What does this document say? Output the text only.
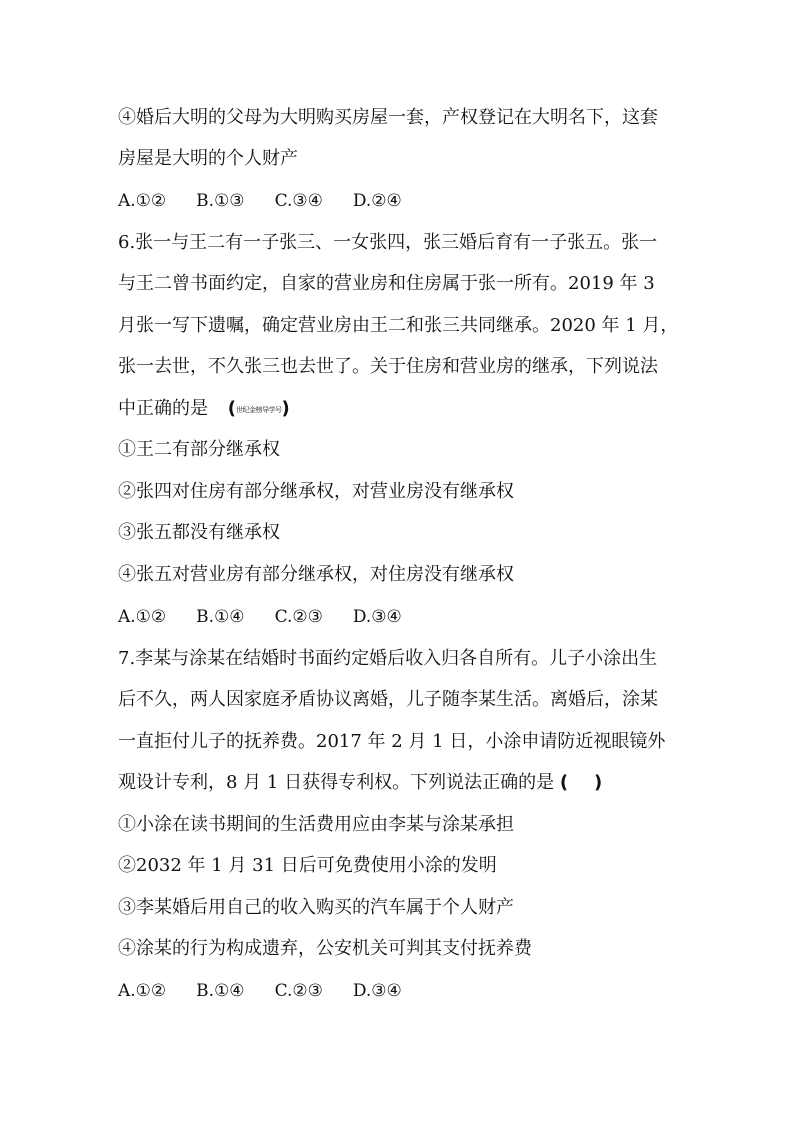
④婚后大明的父母为大明购买房屋一套，产权登记在大明名下，这套
房屋是大明的个人财产
A.①② B.①③ C.③④ D.②④
6.张一与王二有一子张三、一女张四，张三婚后育有一子张五。张一
与王二曾书面约定，自家的营业房和住房属于张一所有。2019 年 3
月张一写下遗嘱，确定营业房由王二和张三共同继承。2020 年 1 月，
张一去世，不久张三也去世了。关于住房和营业房的继承，下列说法
中正确的是 (世纪金榜导学号)
①王二有部分继承权
②张四对住房有部分继承权，对营业房没有继承权
③张五都没有继承权
④张五对营业房有部分继承权，对住房没有继承权
A.①② B.①④ C.②③ D.③④
7.李某与涂某在结婚时书面约定婚后收入归各自所有。儿子小涂出生
后不久，两人因家庭矛盾协议离婚，儿子随李某生活。离婚后，涂某
一直拒付儿子的抚养费。2017 年 2 月 1 日，小涂申请防近视眼镜外
观设计专利，8 月 1 日获得专利权。下列说法正确的是 ( )
①小涂在读书期间的生活费用应由李某与涂某承担
②2032 年 1 月 31 日后可免费使用小涂的发明
③李某婚后用自己的收入购买的汽车属于个人财产
④涂某的行为构成遗弃，公安机关可判其支付抚养费
A.①② B.①④ C.②③ D.③④
